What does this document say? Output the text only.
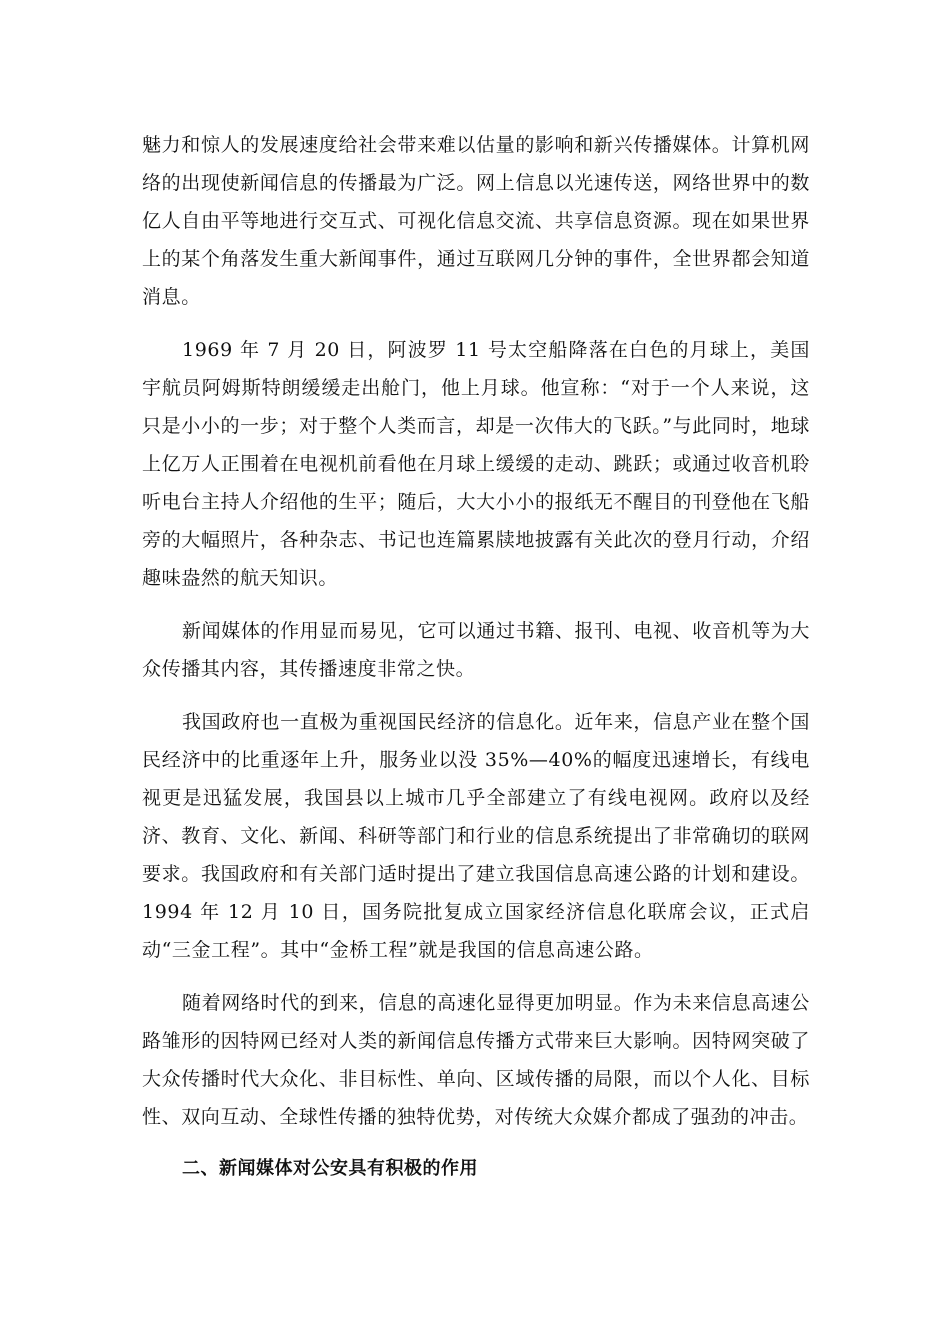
魅力和惊人的发展速度给社会带来难以估量的影响和新兴传播媒体。计算机网络的出现使新闻信息的传播最为广泛。网上信息以光速传送，网络世界中的数亿人自由平等地进行交互式、可视化信息交流、共享信息资源。现在如果世界上的某个角落发生重大新闻事件，通过互联网几分钟的事件，全世界都会知道消息。

1969 年 7 月 20 日，阿波罗 11 号太空船降落在白色的月球上，美国宇航员阿姆斯特朗缓缓走出舱门，他上月球。他宣称：“对于一个人来说，这只是小小的一步；对于整个人类而言，却是一次伟大的飞跃。”与此同时，地球上亿万人正围着在电视机前看他在月球上缓缓的走动、跳跃；或通过收音机聆听电台主持人介绍他的生平；随后，大大小小的报纸无不醒目的刊登他在飞船旁的大幅照片，各种杂志、书记也连篇累牍地披露有关此次的登月行动，介绍趣味盎然的航天知识。

新闻媒体的作用显而易见，它可以通过书籍、报刊、电视、收音机等为大众传播其内容，其传播速度非常之快。

我国政府也一直极为重视国民经济的信息化。近年来，信息产业在整个国民经济中的比重逐年上升，服务业以没 35%—40%的幅度迅速增长，有线电视更是迅猛发展，我国县以上城市几乎全部建立了有线电视网。政府以及经济、教育、文化、新闻、科研等部门和行业的信息系统提出了非常确切的联网要求。我国政府和有关部门适时提出了建立我国信息高速公路的计划和建设。1994 年 12 月 10 日，国务院批复成立国家经济信息化联席会议，正式启动“三金工程”。其中“金桥工程”就是我国的信息高速公路。

随着网络时代的到来，信息的高速化显得更加明显。作为未来信息高速公路雏形的因特网已经对人类的新闻信息传播方式带来巨大影响。因特网突破了大众传播时代大众化、非目标性、单向、区域传播的局限，而以个人化、目标性、双向互动、全球性传播的独特优势，对传统大众媒介都成了强劲的冲击。

二、新闻媒体对公安具有积极的作用
